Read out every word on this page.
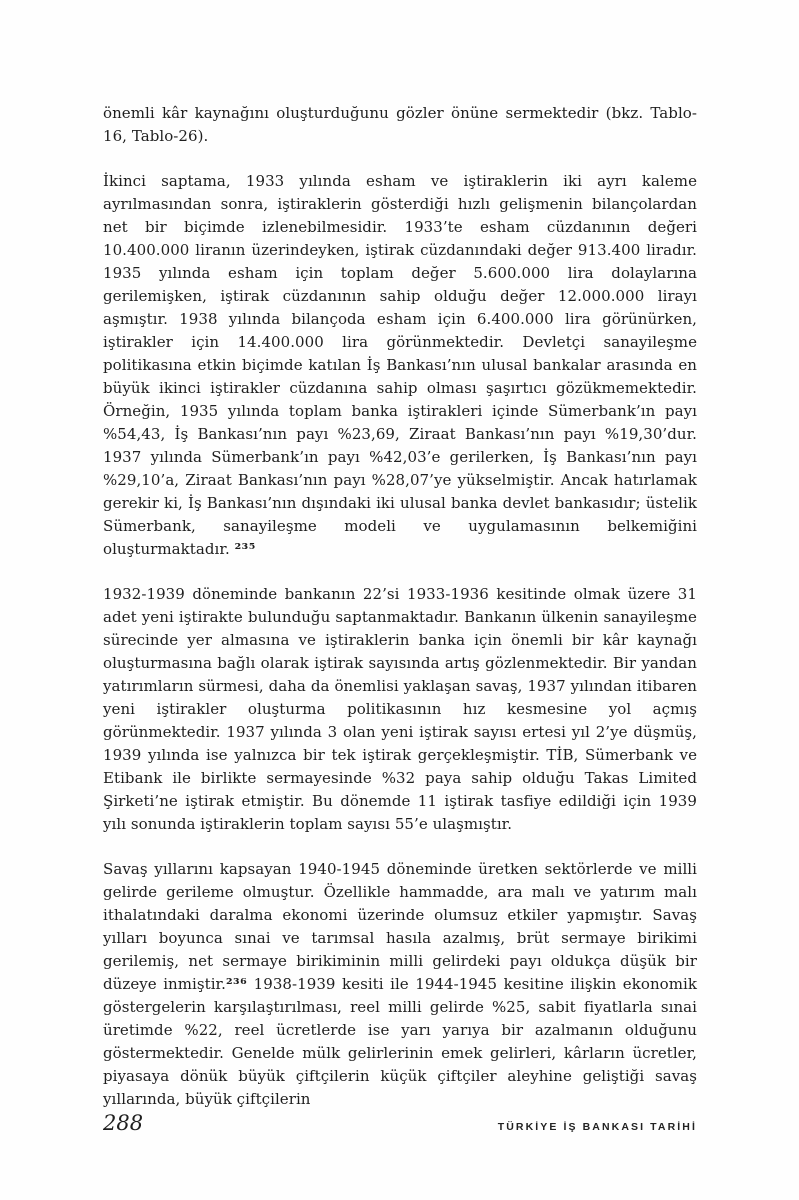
önemli kâr kaynağını oluşturduğunu gözler önüne sermektedir (bkz. Tablo-16, Tablo-26).
İkinci saptama, 1933 yılında esham ve iştiraklerin iki ayrı kaleme ayrılmasından sonra, iştiraklerin gösterdiği hızlı gelişmenin bilançolardan net bir biçimde izlenebilmesidir. 1933’te esham cüzdanının değeri 10.400.000 liranın üzerindeyken, iştirak cüzdanındaki değer 913.400 liradır. 1935 yılında esham için toplam değer 5.600.000 lira dolaylarına gerilemişken, iştirak cüzdanının sahip olduğu değer 12.000.000 lirayı aşmıştır. 1938 yılında bilançoda esham için 6.400.000 lira görünürken, iştirakler için 14.400.000 lira görünmektedir. Devletçi sanayileşme politikasına etkin biçimde katılan İş Bankası’nın ulusal bankalar arasında en büyük ikinci iştirakler cüzdanına sahip olması şaşırtıcı gözükmemektedir. Örneğin, 1935 yılında toplam banka iştirakleri içinde Sümerbank’ın payı %54,43, İş Bankası’nın payı %23,69, Ziraat Bankası’nın payı %19,30’dur. 1937 yılında Sümerbank’ın payı %42,03’e gerilerken, İş Bankası’nın payı %29,10’a, Ziraat Bankası’nın payı %28,07’ye yükselmiştir. Ancak hatırlamak gerekir ki, İş Bankası’nın dışındaki iki ulusal banka devlet bankasıdır; üstelik Sümerbank, sanayileşme modeli ve uygulamasının belkemiğini oluşturmaktadır. ²³⁵
1932-1939 döneminde bankanın 22’si 1933-1936 kesitinde olmak üzere 31 adet yeni iştirakte bulunduğu saptanmaktadır. Bankanın ülkenin sanayileşme sürecinde yer almasına ve iştiraklerin banka için önemli bir kâr kaynağı oluşturmasına bağlı olarak iştirak sayısında artış gözlenmektedir. Bir yandan yatırımların sürmesi, daha da önemlisi yaklaşan savaş, 1937 yılından itibaren yeni iştirakler oluşturma politikasının hız kesmesine yol açmış görünmektedir. 1937 yılında 3 olan yeni iştirak sayısı ertesi yıl 2’ye düşmüş, 1939 yılında ise yalnızca bir tek iştirak gerçekleşmiştir. TİB, Sümerbank ve Etibank ile birlikte sermayesinde %32 paya sahip olduğu Takas Limited Şirketi’ne iştirak etmiştir. Bu dönemde 11 iştirak tasfiye edildiği için 1939 yılı sonunda iştiraklerin toplam sayısı 55’e ulaşmıştır.
Savaş yıllarını kapsayan 1940-1945 döneminde üretken sektörlerde ve milli gelirde gerileme olmuştur. Özellikle hammadde, ara malı ve yatırım malı ithalatındaki daralma ekonomi üzerinde olumsuz etkiler yapmıştır. Savaş yılları boyunca sınai ve tarımsal hasıla azalmış, brüt sermaye birikimi gerilemiş, net sermaye birikiminin milli gelirdeki payı oldukça düşük bir düzeye inmiştir.²³⁶ 1938-1939 kesiti ile 1944-1945 kesitine ilişkin ekonomik göstergelerin karşılaştırılması, reel milli gelirde %25, sabit fiyatlarla sınai üretimde %22, reel ücretlerde ise yarı yarıya bir azalmanın olduğunu göstermektedir. Genelde mülk gelirlerinin emek gelirleri, kârların ücretler, piyasaya dönük büyük çiftçilerin küçük çiftçiler aleyhine geliştiği savaş yıllarında, büyük çiftçilerin
288	TÜRKİYE İŞ BANKASI TARİHİ
